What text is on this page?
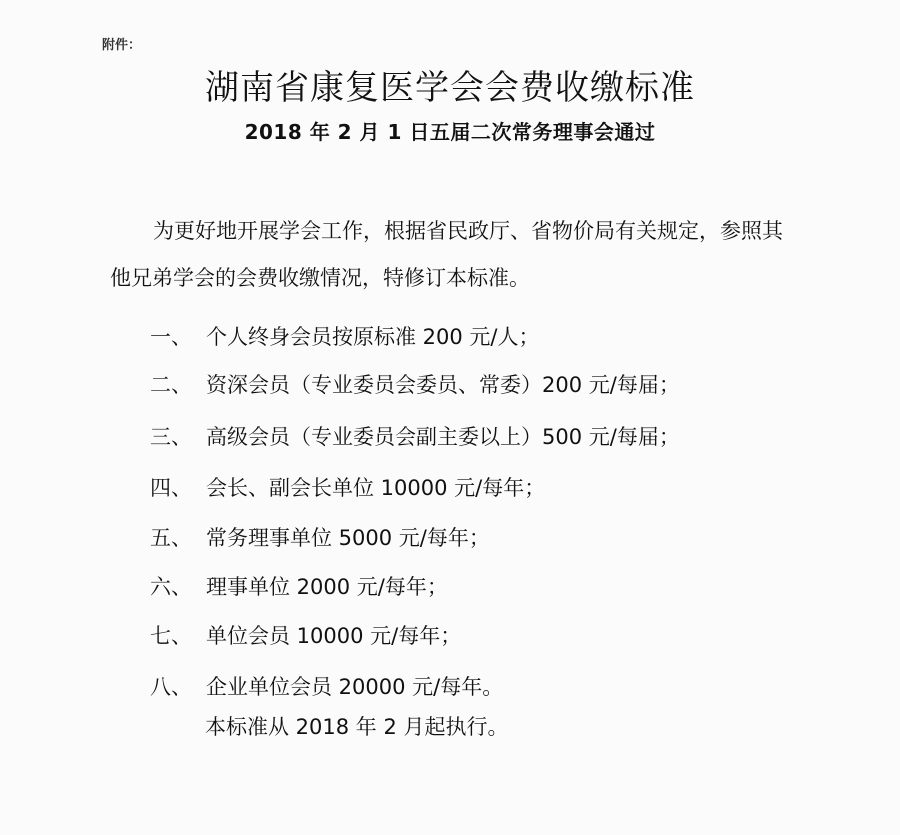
附件：
湖南省康复医学会会费收缴标准
2018 年 2 月 1 日五届二次常务理事会通过

为更好地开展学会工作，根据省民政厅、省物价局有关规定，参照其他兄弟学会的会费收缴情况，特修订本标准。

一、 个人终身会员按原标准 200 元/人；
二、 资深会员（专业委员会委员、常委）200 元/每届；
三、 高级会员（专业委员会副主委以上）500 元/每届；
四、 会长、副会长单位 10000 元/每年；
五、 常务理事单位 5000 元/每年；
六、 理事单位 2000 元/每年；
七、 单位会员 10000 元/每年；
八、 企业单位会员 20000 元/每年。
本标准从 2018 年 2 月起执行。
